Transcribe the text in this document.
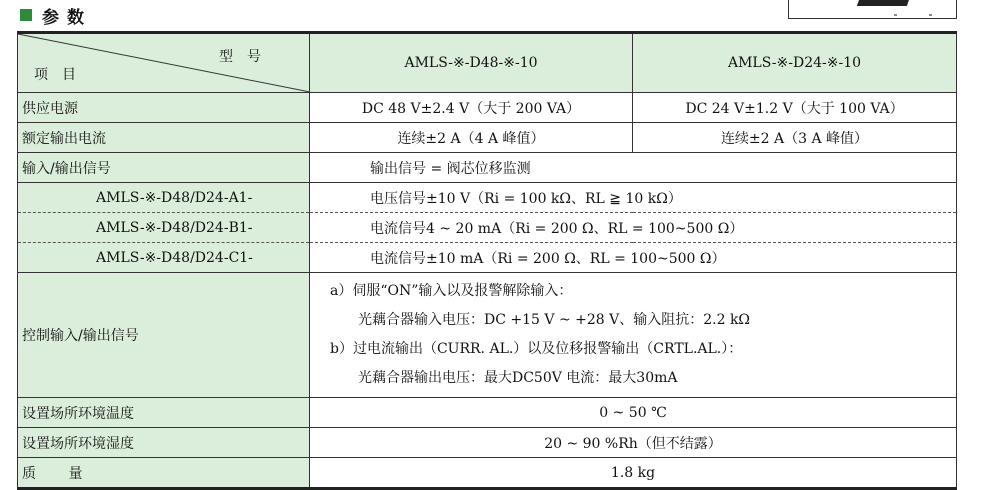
参数
型号
项目	AMLS-※-D48-※-10	AMLS-※-D24-※-10
供应电源	DC 48 V±2.4 V（大于 200 VA）	DC 24 V±1.2 V（大于 100 VA）
额定输出电流	连续±2 A（4 A 峰值）	连续±2 A（3 A 峰值）
输入/输出信号	输出信号 = 阀芯位移监测	
AMLS-※-D48/D24-A1-	电压信号±10 V（Ri = 100 kΩ、RL ≧ 10 kΩ）	
AMLS-※-D48/D24-B1-	电流信号4 ~ 20 mA（Ri = 200 Ω、RL = 100~500 Ω）	
AMLS-※-D48/D24-C1-	电流信号±10 mA（Ri = 200 Ω、RL = 100~500 Ω）	
控制输入/输出信号	a）伺服“ON”输入以及报警解除输入：
光藕合器输入电压：DC +15 V ~ +28 V、输入阻抗：2.2 kΩ
b）过电流输出（CURR. AL.）以及位移报警输出（CRTL.AL.）：
光藕合器输出电压：最大DC50V 电流：最大30mA	

设置场所环境温度	0 ~ 50 ℃	
设置场所环境湿度	20 ~ 90 %Rh（但不结露）	
质 量	1.8 kg	
